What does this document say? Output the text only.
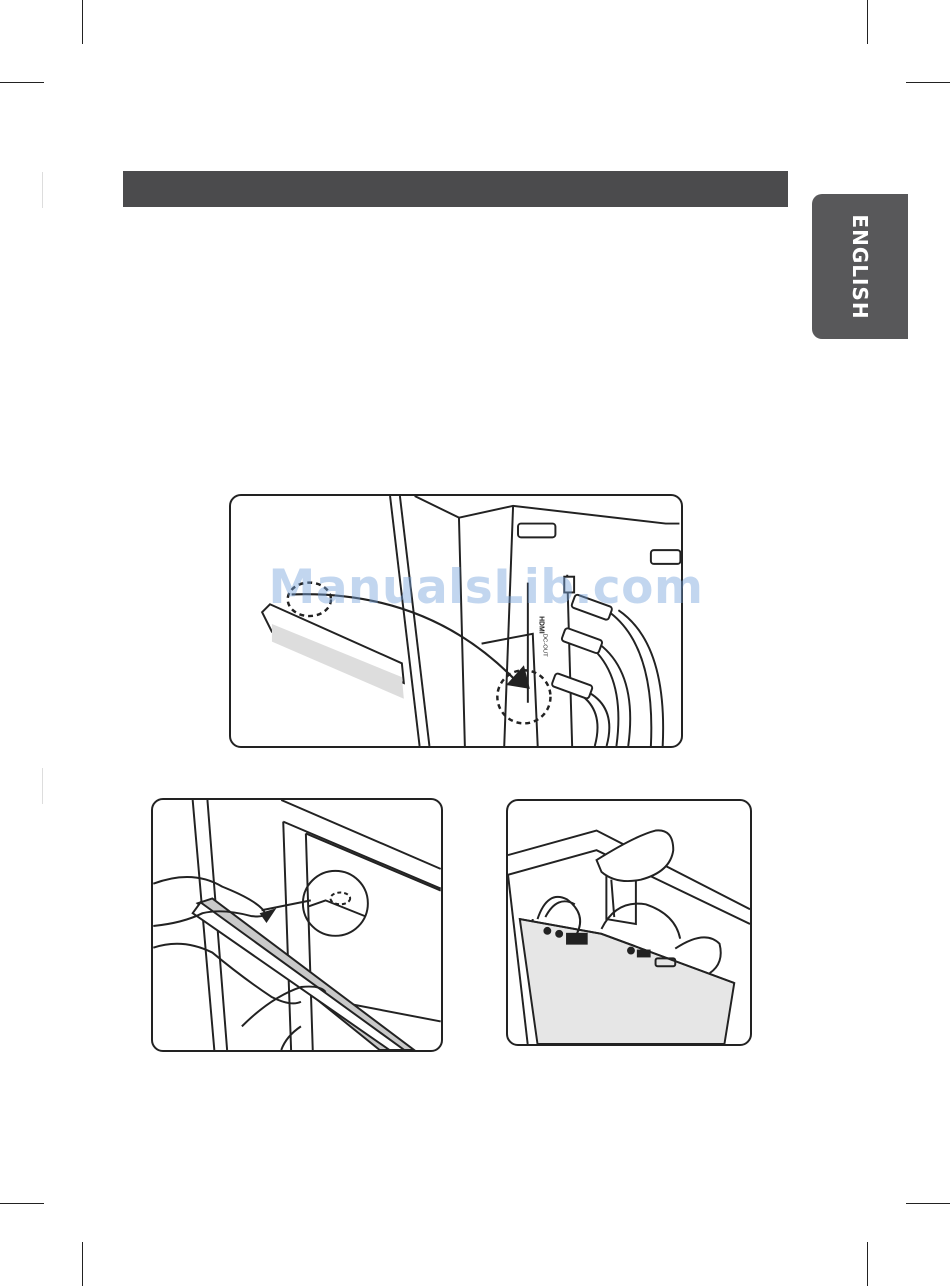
ENGLISH
HDMI
DC-OUT
ManualsLib.com
